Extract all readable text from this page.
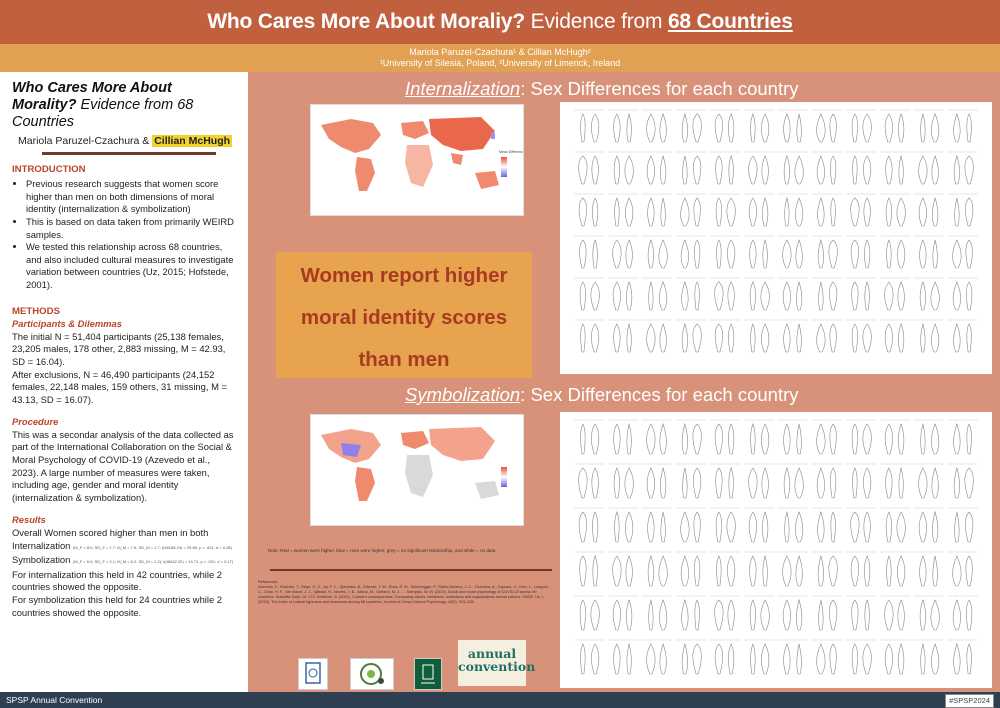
Who Cares More About Moraliy? Evidence from 68 Countries
Mariola Paruzel-Czachura¹ & Cillian McHugh²
¹University of Silesia, Poland, ²University of Limerick, Ireland
Who Cares More About Morality? Evidence from 68 Countries
Mariola Paruzel-Czachura & Cillian McHugh
INTRODUCTION
• Previous research suggests that women score higher than men on both dimensions of moral identity (internalization & symbolization)
• This is based on data taken from primarily WEIRD samples.
• We tested this relationship across 68 countries, and also included cultural measures to investigate variation between countries (Uz, 2015; Hofstede, 2001).
METHODS
Participants & Dilemmas

The initial N = 51,404 participants (25,138 females, 23,205 males, 178 other, 2,883 missing, M = 42.93, SD = 16.04).

After exclusions, N = 46,490 participants (24,152 females, 22,148 males, 159 others, 31 missing, M = 43.13, SD = 16.07).

Procedure

This was a secondar analysis of the data collected as part of the International Collaboration on the Social & Moral Psychology of COVID-19 (Azevedo et al., 2023). A large number of measures were taken, including age, gender and moral identity (internalization & symbolization).

Results

Overall Women scored higher than men in both

Internalization (M_F = 8.0, SD_F = 1.7; M_M = 7.6, SD_M = 1.7; t(46185.24) = 29.89, p < .001, d = 0.28)

Symbolization (M_F = 6.6, SD_F = 2.1; M_M = 6.2, SD_M = 2.2); t(46042.32) = 14.71, p < .001, d = 0.17)

For internalization this held in 42 countries, while 2 countries showed the opposite.

For symbolization this held for 24 countries while 2 countries showed the opposite.

Internalization: Sex Differences for each country
Symbolization: Sex Differences for each country
Mean Difference
Women report higher
moral identity scores
than men
Note. Red = women were higher, blue = men were higher, grey = no significant relationship, and white = no data
References
Azevedo, F., Pavlović, T., Rêgo, G. G., Ay, F. C., Gjoneska, B., Etienne, T. W., Ross, R. M., Schönegger, P., Riaño-Moreno, J. C., Cichocka, A., Capraro, V., Cian, L., Longoni, C., Chan, H. F., Van Bavel, J. J., Sjåstad, H., Nezlek, J. B., Alfano, M., Gelfand, M. J., … Sampaio, W. M. (2023). Social and moral psychology of COVID-19 across 69 countries. Scientific Data, 10, 272. Hofstede, G. (2001). Culture's consequences: Comparing values, behaviors, institutions and organizations across nations. SAGE. Uz, I. (2015). The index of cultural tightness and looseness among 68 countries. Journal of Cross-Cultural Psychology, 46(3), 319–335.
annual
convention
SPSP Annual Convention	#SPSP2024
